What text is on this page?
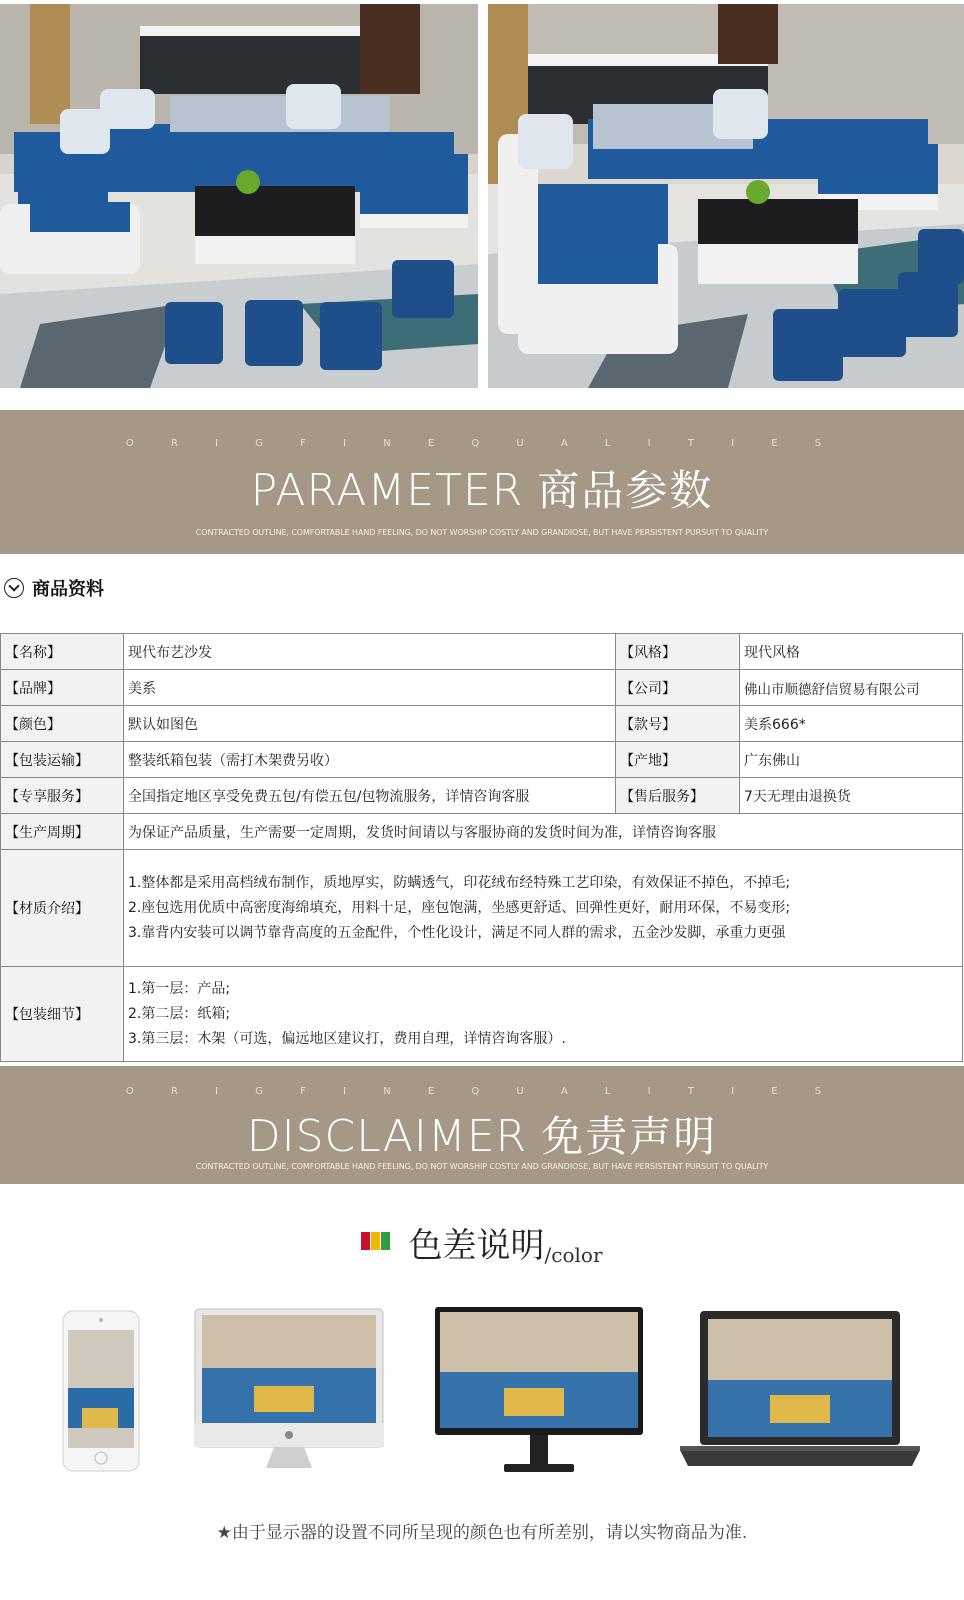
O R I G F I N E Q U A L I T I E S
PARAMETER 商品参数
CONTRACTED OUTLINE, COMFORTABLE HAND FEELING, DO NOT WORSHIP COSTLY AND GRANDIOSE, BUT HAVE PERSISTENT PURSUIT TO QUALITY
商品资料
【名称】	现代布艺沙发	【风格】	现代风格
【品牌】	美系	【公司】	佛山市顺德舒信贸易有限公司
【颜色】	默认如图色	【款号】	美系666*
【包装运输】	整装纸箱包装（需打木架费另收）	【产地】	广东佛山
【专享服务】	全国指定地区享受免费五包/有偿五包/包物流服务，详情咨询客服	【售后服务】	7天无理由退换货
【生产周期】	为保证产品质量，生产需要一定周期，发货时间请以与客服协商的发货时间为准，详情咨询客服		
【材质介绍】	1.整体都是采用高档绒布制作，质地厚实，防螨透气，印花绒布经特殊工艺印染，有效保证不掉色，不掉毛;
2.座包选用优质中高密度海绵填充，用料十足，座包饱满，坐感更舒适、回弹性更好，耐用环保，不易变形;
3.靠背内安装可以调节靠背高度的五金配件，个性化设计，满足不同人群的需求，五金沙发脚，承重力更强		

【包装细节】	1.第一层：产品;
2.第二层：纸箱;
3.第三层：木架（可选，偏远地区建议打，费用自理，详情咨询客服）.		
O R I G F I N E Q U A L I T I E S
DISCLAIMER 免责声明
CONTRACTED OUTLINE, COMFORTABLE HAND FEELING, DO NOT WORSHIP COSTLY AND GRANDIOSE, BUT HAVE PERSISTENT PURSUIT TO QUALITY
色差说明/color
★由于显示器的设置不同所呈现的颜色也有所差别，请以实物商品为准.
